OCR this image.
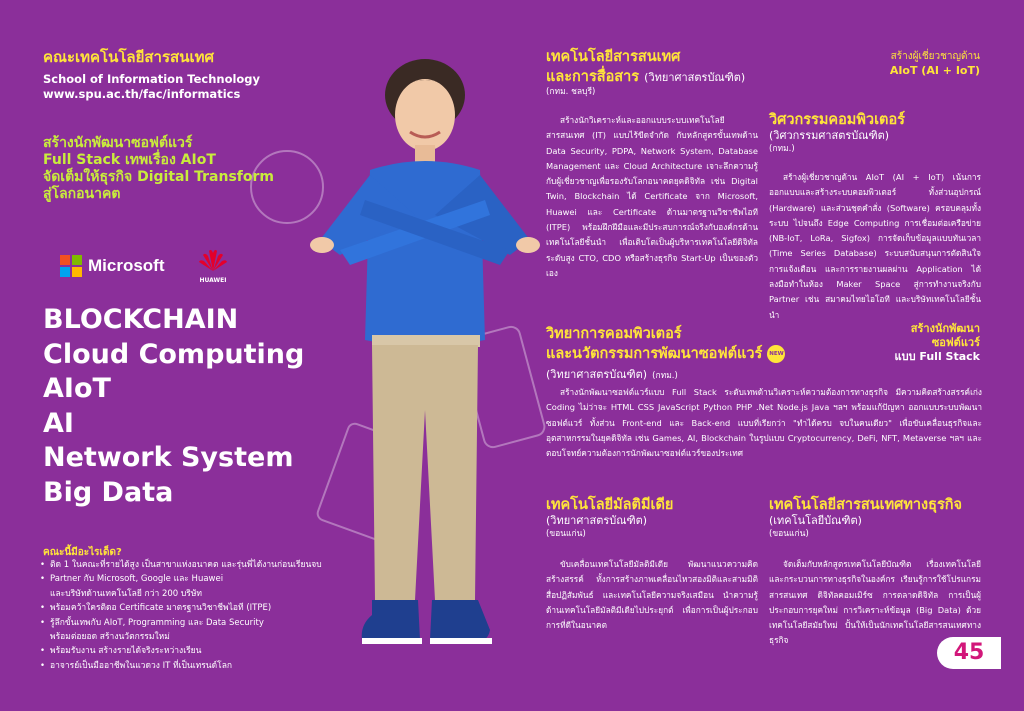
คณะเทคโนโลยีสารสนเทศ
School of Information Technology
www.spu.ac.th/fac/informatics
สร้างนักพัฒนาซอฟต์แวร์
Full Stack เทพเรื่อง AIoT
จัดเต็มให้ธุรกิจ Digital Transform
สู่โลกอนาคต
Microsoft
HUAWEI
BLOCKCHAIN
Cloud Computing
AIoT
AI
Network System
Big Data
คณะนี้มีอะไรเด็ด?
• ติด 1 ในคณะที่รายได้สูง เป็นสาขาแห่งอนาคต และรุ่นพี่ได้งานก่อนเรียนจบ
• Partner กับ Microsoft, Google และ Huawei
และบริษัทด้านเทคโนโลยี กว่า 200 บริษัท
• พร้อมคว้าใครติดอ Certificate มาตรฐานวิชาชีพไอที (ITPE)
• รู้ลึกขั้นเทพกับ AIoT, Programming และ Data Security
พร้อมต่อยอด สร้างนวัตกรรมใหม่
• พร้อมรับงาน สร้างรายได้จริงระหว่างเรียน
• อาจารย์เป็นมืออาชีพในแวดวง IT ที่เป็นเทรนด์โลก
เทคโนโลยีสารสนเทศ
และการสื่อสาร (วิทยาศาสตรบัณฑิต)
(กทม. ชลบุรี)
สร้างนักวิเคราะห์และออกแบบระบบเทคโนโลยีสารสนเทศ (IT) แบบไร้ขีดจำกัด กับหลักสูตรขั้นเทพด้าน Data Security, PDPA, Network System, Database Management และ Cloud Architecture เจาะลึกความรู้กับผู้เชี่ยวชาญเพื่อรองรับโลกอนาคตยุคดิจิทัล เช่น Digital Twin, Blockchain ได้ Certificate จาก Microsoft, Huawei และ Certificate ด้านมาตรฐานวิชาชีพไอที (ITPE) พร้อมฝึกฝีมือและมีประสบการณ์จริงกับองค์กรด้านเทคโนโลยีชั้นนำ เพื่อเติบโตเป็นผู้บริหารเทคโนโลยีดิจิทัลระดับสูง CTO, CDO หรือสร้างธุรกิจ Start-Up เป็นของตัวเอง
สร้างผู้เชี่ยวชาญด้าน
AIoT (AI + IoT)
วิศวกรรมคอมพิวเตอร์
(วิศวกรรมศาสตรบัณฑิต)
(กทม.)
สร้างผู้เชี่ยวชาญด้าน AIoT (AI + IoT) เน้นการออกแบบและสร้างระบบคอมพิวเตอร์ ทั้งส่วนอุปกรณ์ (Hardware) และส่วนชุดคำสั่ง (Software) ครอบคลุมทั้งระบบ ไปจนถึง Edge Computing การเชื่อมต่อเครือข่าย (NB-IoT, LoRa, Sigfox) การจัดเก็บข้อมูลแบบทันเวลา (Time Series Database) ระบบสนับสนุนการตัดสินใจ การแจ้งเตือน และการรายงานผลผ่าน Application ได้ลงมือทำในห้อง Maker Space สู่การทำงานจริงกับ Partner เช่น สมาคมไทยไอโอที และบริษัทเทคโนโลยีชั้นนำ
สร้างนักพัฒนา
ซอฟต์แวร์
แบบ Full Stack
วิทยาการคอมพิวเตอร์
และนวัตกรรมการพัฒนาซอฟต์แวร์ NEW
(วิทยาศาสตรบัณฑิต) (กทม.)
สร้างนักพัฒนาซอฟต์แวร์แบบ Full Stack ระดับเทพด้านวิเคราะห์ความต้องการทางธุรกิจ มีความคิดสร้างสรรค์เก่ง Coding ไม่ว่าจะ HTML CSS JavaScript Python PHP .Net Node.js Java ฯลฯ พร้อมแก้ปัญหา ออกแบบระบบพัฒนาซอฟต์แวร์ ทั้งส่วน Front-end และ Back-end แบบที่เรียกว่า "ทำได้ครบ จบในคนเดียว" เพื่อขับเคลื่อนธุรกิจและอุตสาหกรรมในยุคดิจิทัล เช่น Games, AI, Blockchain ในรูปแบบ Cryptocurrency, DeFi, NFT, Metaverse ฯลฯ และตอบโจทย์ความต้องการนักพัฒนาซอฟต์แวร์ของประเทศ
เทคโนโลยีมัลติมีเดีย
(วิทยาศาสตรบัณฑิต)
(ขอนแก่น)
ขับเคลื่อนเทคโนโลยีมัลติมีเดีย พัฒนาแนวความคิดสร้างสรรค์ ทั้งการสร้างภาพเคลื่อนไหวสองมิติและสามมิติ สื่อปฏิสัมพันธ์ และเทคโนโลยีความจริงเสมือน นำความรู้ด้านเทคโนโลยีมัลติมีเดียไปประยุกต์ เพื่อการเป็นผู้ประกอบการที่ดีในอนาคต
เทคโนโลยีสารสนเทศทางธุรกิจ
(เทคโนโลยีบัณฑิต)
(ขอนแก่น)
จัดเต็มกับหลักสูตรเทคโนโลยีบัณฑิต เรื่องเทคโนโลยีและกระบวนการทางธุรกิจในองค์กร เรียนรู้การใช้โปรแกรมสารสนเทศ ดิจิทัลคอมเมิร์ซ การตลาดดิจิทัล การเป็นผู้ประกอบการยุคใหม่ การวิเคราะห์ข้อมูล (Big Data) ด้วยเทคโนโลยีสมัยใหม่ ปั้นให้เป็นนักเทคโนโลยีสารสนเทศทางธุรกิจ	45
